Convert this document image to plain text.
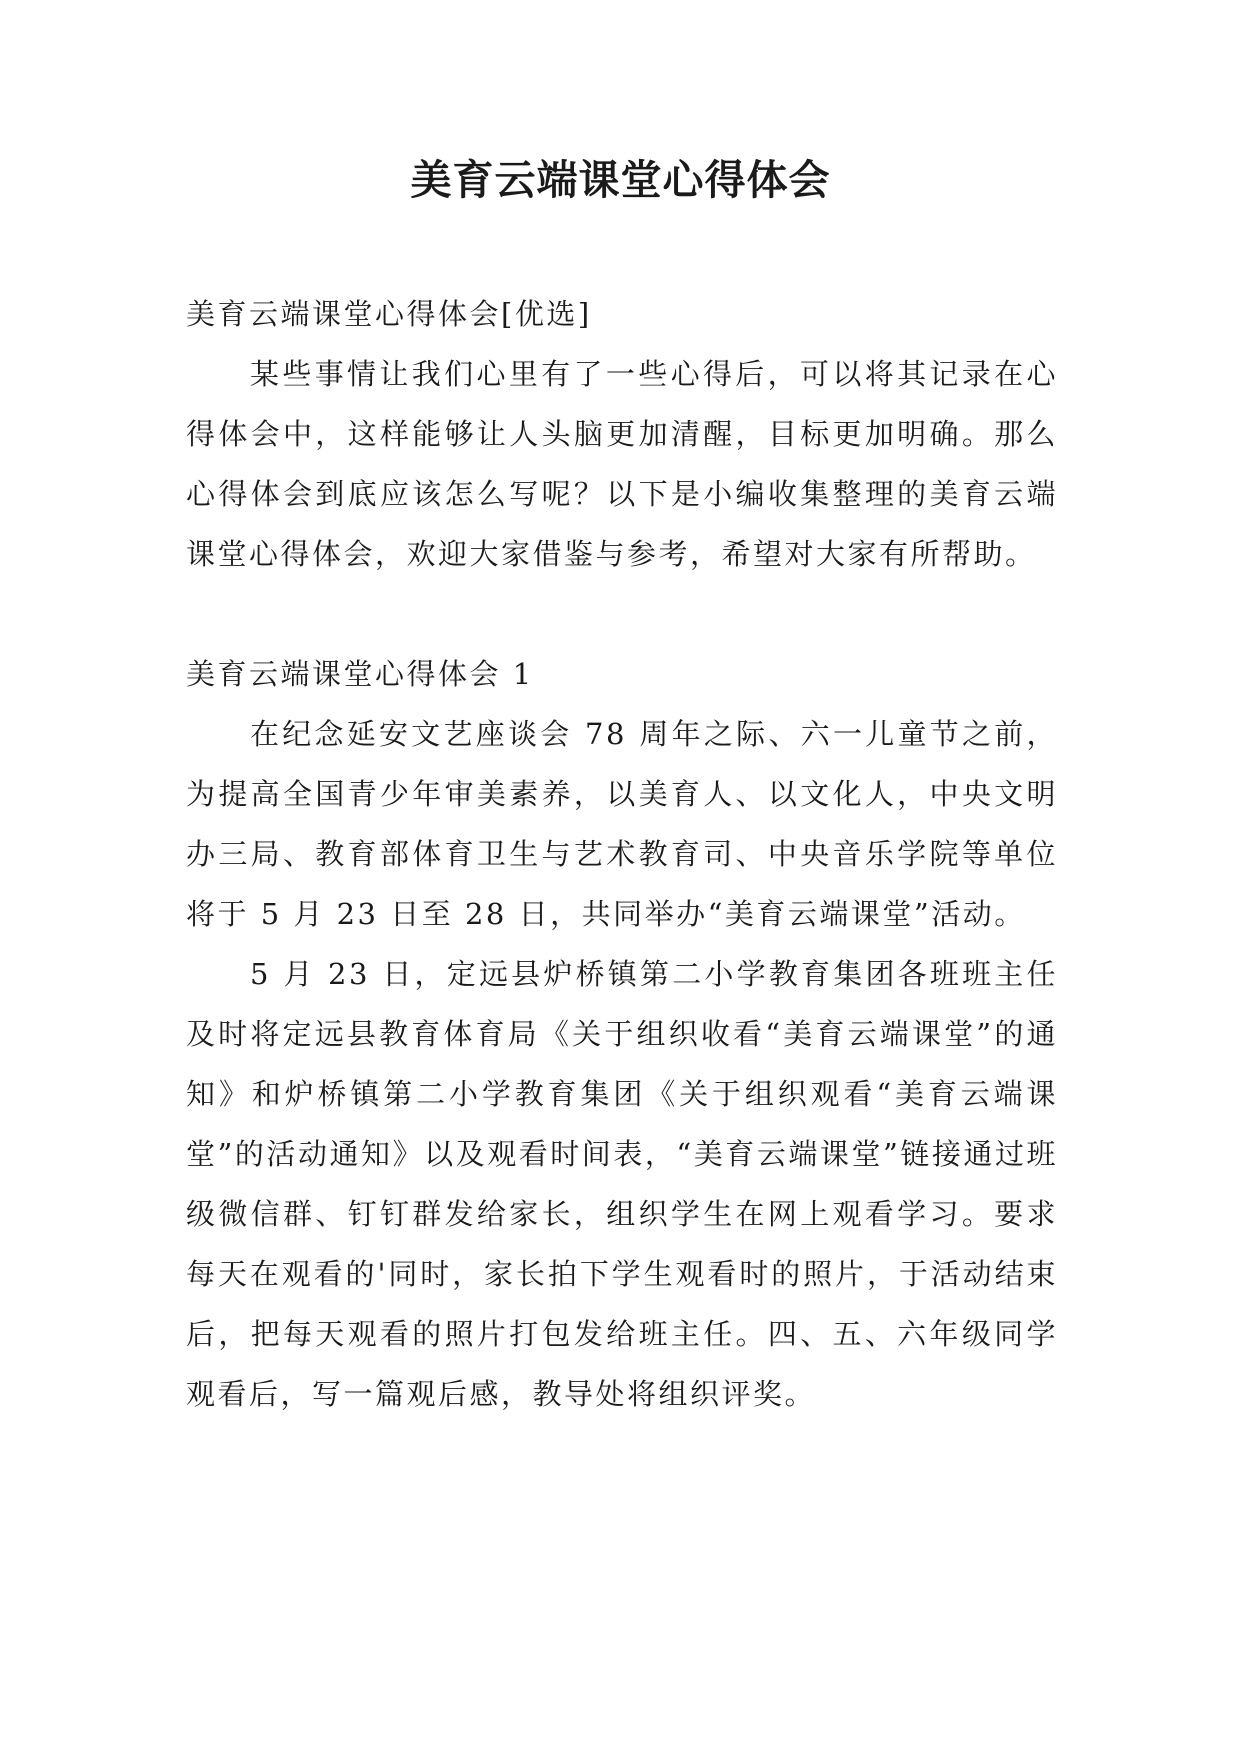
美育云端课堂心得体会

美育云端课堂心得体会[优选]

某些事情让我们心里有了一些心得后，可以将其记录在心得体会中，这样能够让人头脑更加清醒，目标更加明确。那么心得体会到底应该怎么写呢？以下是小编收集整理的美育云端课堂心得体会，欢迎大家借鉴与参考，希望对大家有所帮助。

美育云端课堂心得体会 1

在纪念延安文艺座谈会 78 周年之际、六一儿童节之前，为提高全国青少年审美素养，以美育人、以文化人，中央文明办三局、教育部体育卫生与艺术教育司、中央音乐学院等单位将于 5 月 23 日至 28 日，共同举办“美育云端课堂”活动。

5 月 23 日，定远县炉桥镇第二小学教育集团各班班主任及时将定远县教育体育局《关于组织收看“美育云端课堂”的通知》和炉桥镇第二小学教育集团《关于组织观看“美育云端课堂”的活动通知》以及观看时间表，“美育云端课堂”链接通过班级微信群、钉钉群发给家长，组织学生在网上观看学习。要求每天在观看的'同时，家长拍下学生观看时的照片，于活动结束后，把每天观看的照片打包发给班主任。四、五、六年级同学观看后，写一篇观后感，教导处将组织评奖。
